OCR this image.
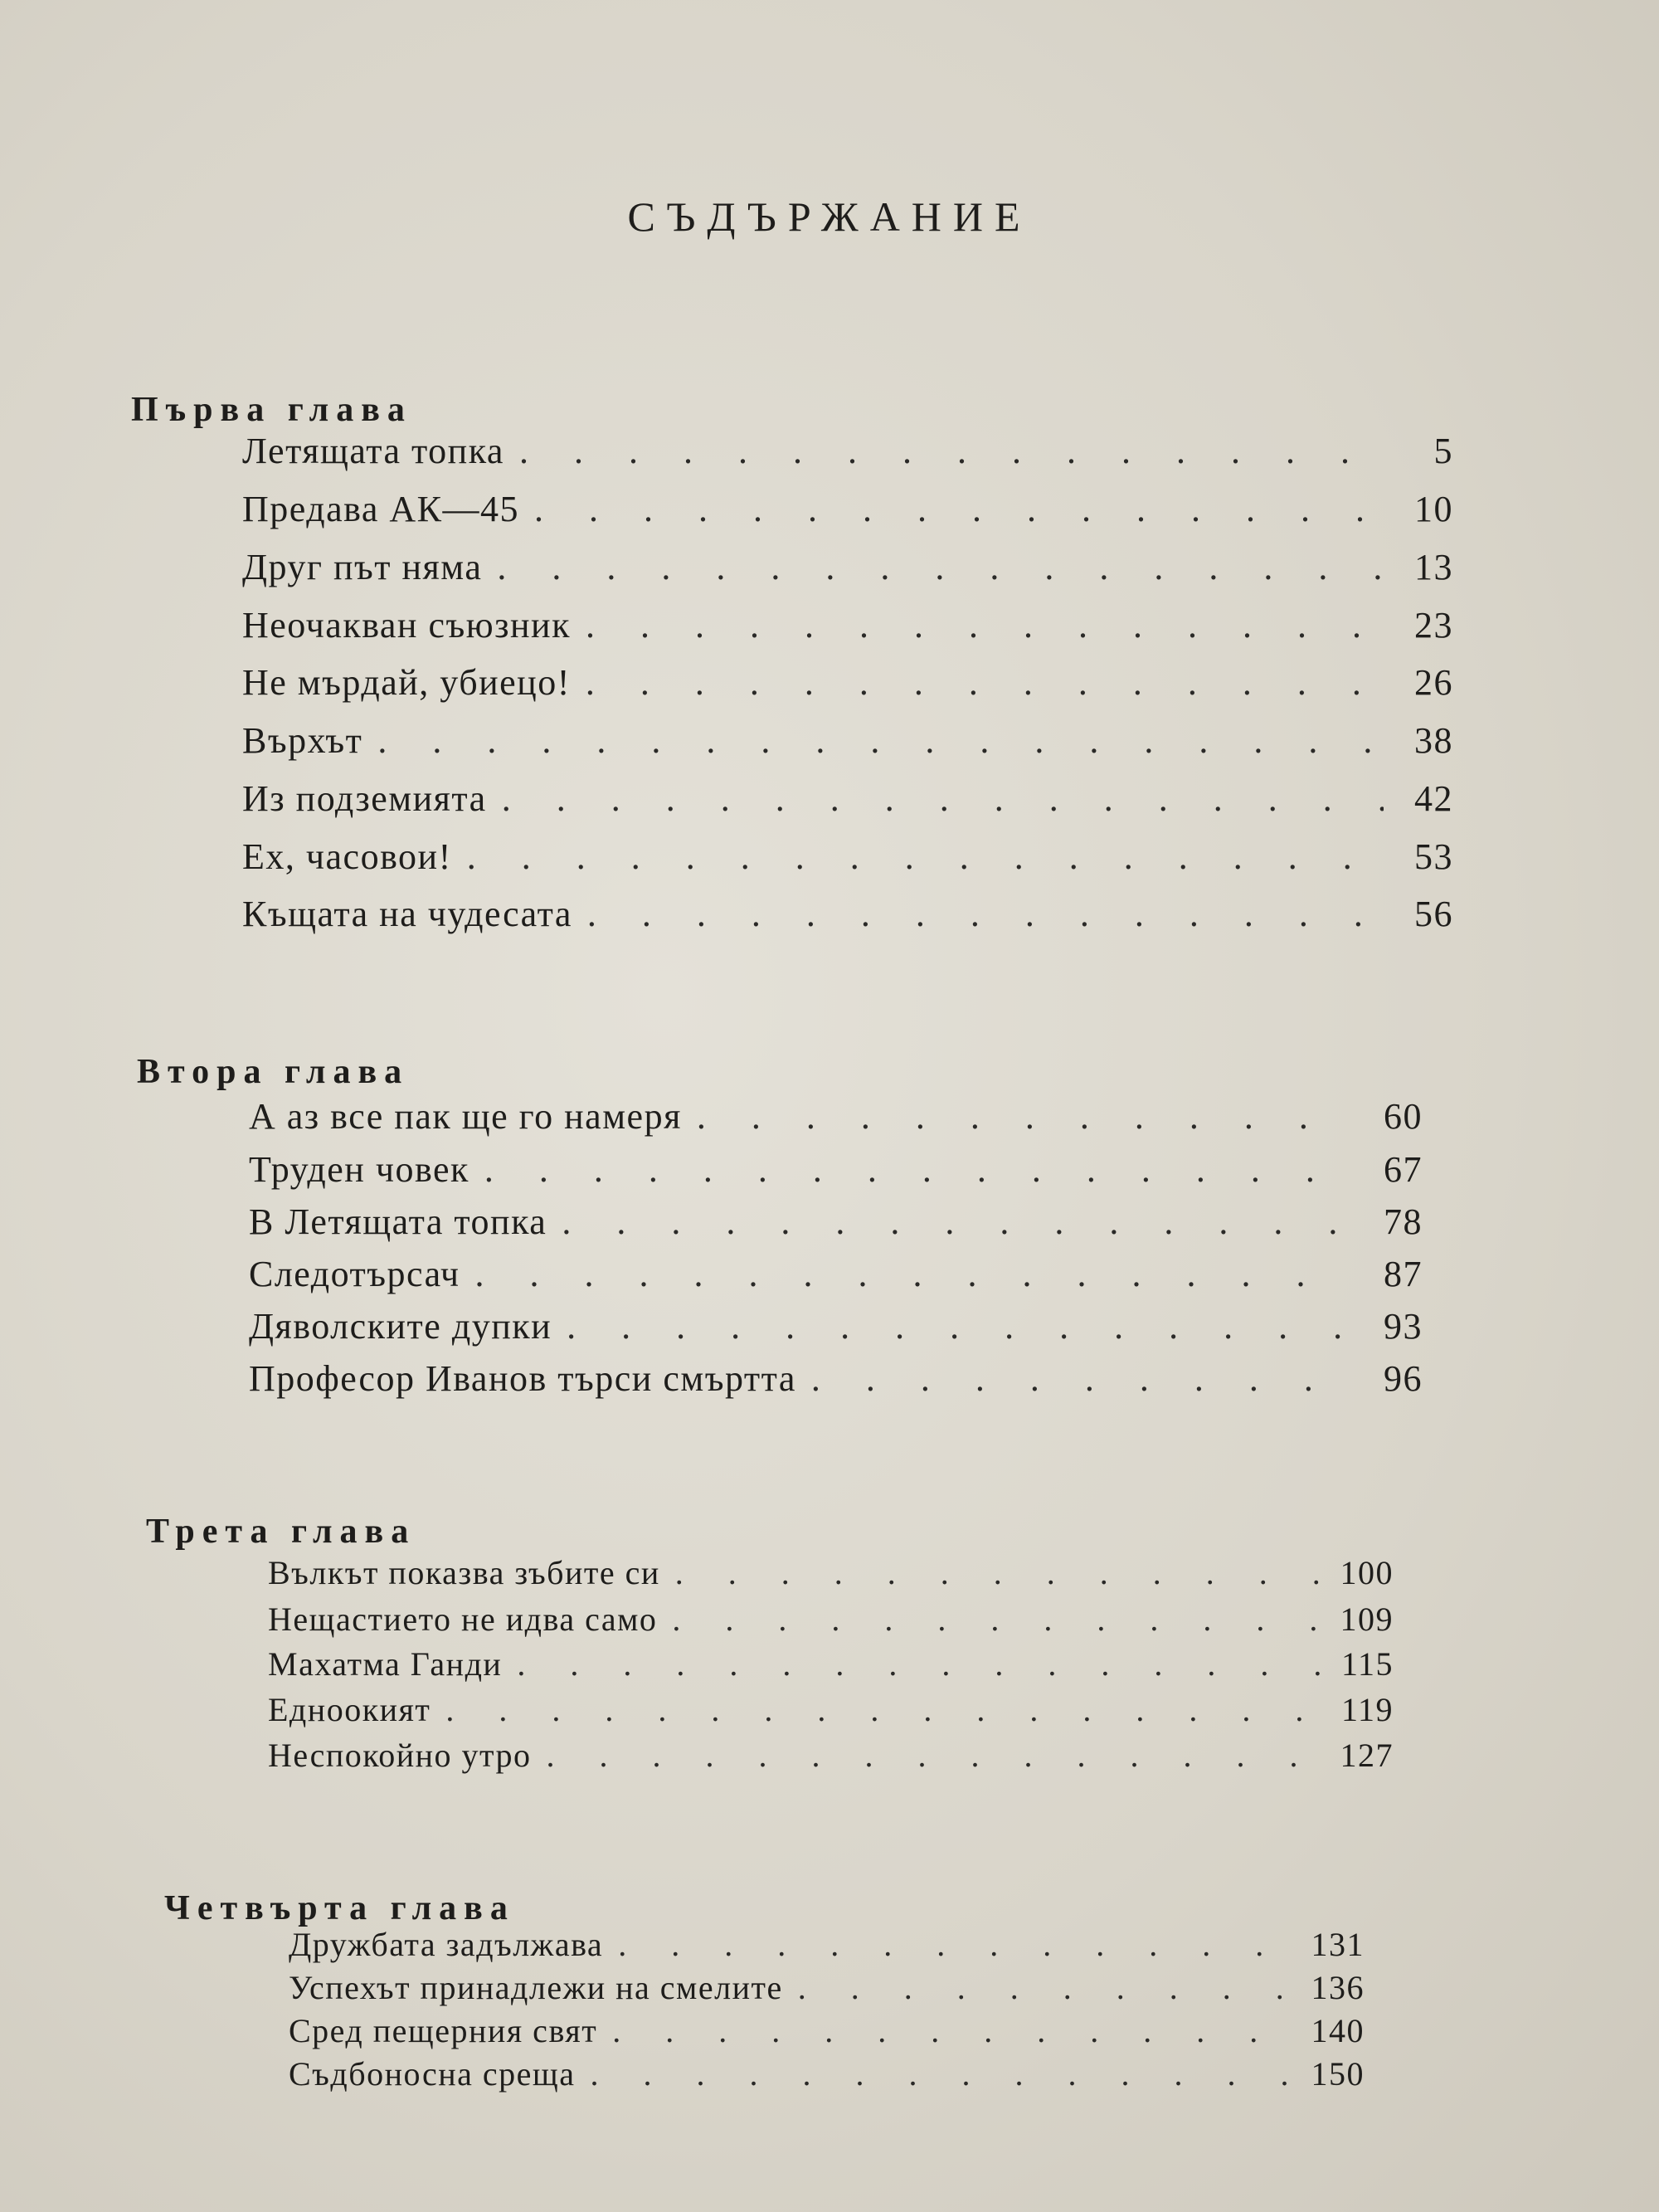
СЪДЪРЖАНИЕ
Първа глава
Летящата топка . . .	5
Предава АК—45 . . .	10
Друг път няма . . .	13
Неочакван съюзник . . .	23
Не мърдай, убиецо! . . .	26
Върхът . . .	38
Из подземията . . .	42
Ех, часовои! . . .	53
Къщата на чудесата . . .	56
Втора глава
А аз все пак ще го намеря . . .	60
Труден човек . . .	67
В Летящата топка . . .	78
Следотърсач . . .	87
Дяволските дупки . . .	93
Професор Иванов търси смъртта . . .	96
Трета глава
Вълкът показва зъбите си . . .	100
Нещастието не идва само . . .	109
Махатма Ганди . . .	115
Едноокият . . .	119
Неспокойно утро . . .	127
Четвърта глава
Дружбата задължава . . .	131
Успехът принадлежи на смелите . . .	136
Сред пещерния свят . . .	140
Съдбоносна среща . . .	150
